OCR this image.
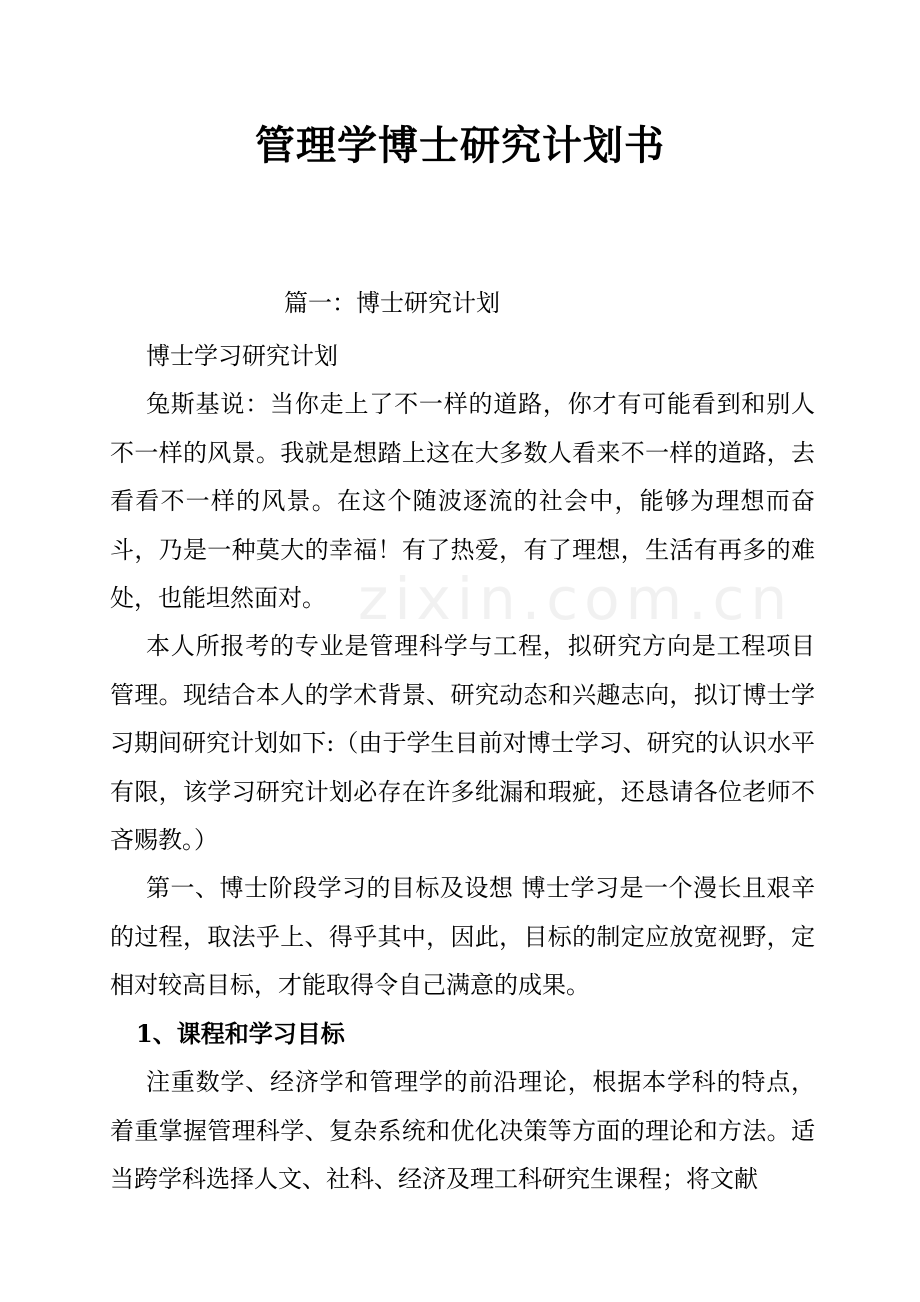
管理学博士研究计划书
篇一：博士研究计划

博士学习研究计划

兔斯基说：当你走上了不一样的道路，你才有可能看到和别人不一样的风景。我就是想踏上这在大多数人看来不一样的道路，去看看不一样的风景。在这个随波逐流的社会中，能够为理想而奋斗，乃是一种莫大的幸福！有了热爱，有了理想，生活有再多的难处，也能坦然面对。

本人所报考的专业是管理科学与工程，拟研究方向是工程项目管理。现结合本人的学术背景、研究动态和兴趣志向，拟订博士学习期间研究计划如下:（由于学生目前对博士学习、研究的认识水平有限，该学习研究计划必存在许多纰漏和瑕疵，还恳请各位老师不吝赐教。）

第一、博士阶段学习的目标及设想 博士学习是一个漫长且艰辛的过程，取法乎上、得乎其中，因此，目标的制定应放宽视野，定相对较高目标，才能取得令自己满意的成果。

1、课程和学习目标

注重数学、经济学和管理学的前沿理论，根据本学科的特点，着重掌握管理科学、复杂系统和优化决策等方面的理论和方法。适当跨学科选择人文、社科、经济及理工科研究生课程；将文献

zixin.com.cn
